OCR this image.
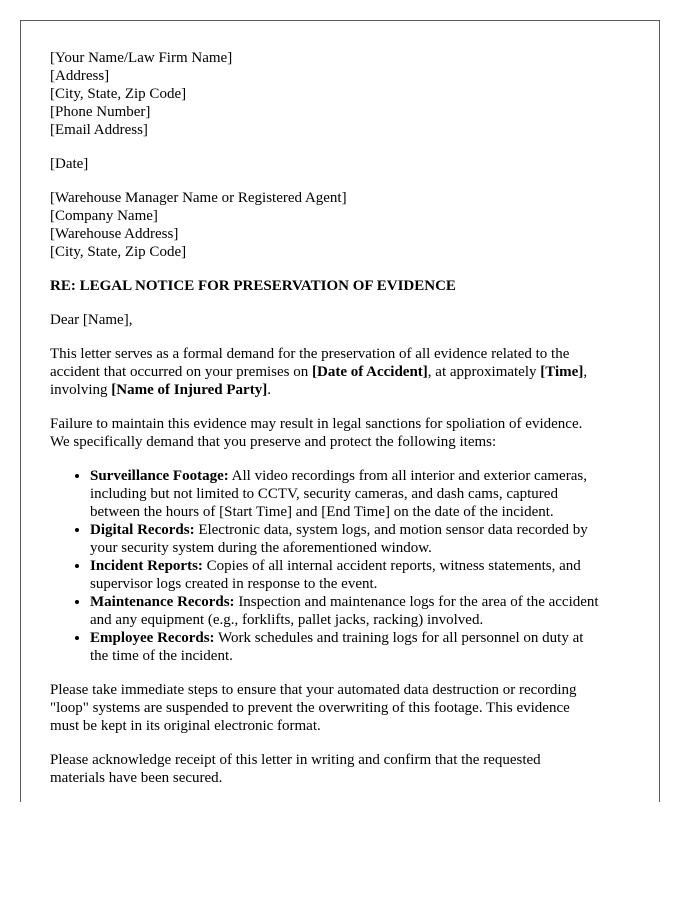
[Your Name/Law Firm Name]
[Address]
[City, State, Zip Code]
[Phone Number]
[Email Address]
[Date]
[Warehouse Manager Name or Registered Agent]
[Company Name]
[Warehouse Address]
[City, State, Zip Code]
RE: LEGAL NOTICE FOR PRESERVATION OF EVIDENCE
Dear [Name],

This letter serves as a formal demand for the preservation of all evidence related to the
accident that occurred on your premises on [Date of Accident], at approximately [Time],
involving [Name of Injured Party].

Failure to maintain this evidence may result in legal sanctions for spoliation of evidence.
We specifically demand that you preserve and protect the following items:

• Surveillance Footage: All video recordings from all interior and exterior cameras,
including but not limited to CCTV, security cameras, and dash cams, captured
between the hours of [Start Time] and [End Time] on the date of the incident.
• Digital Records: Electronic data, system logs, and motion sensor data recorded by
your security system during the aforementioned window.
• Incident Reports: Copies of all internal accident reports, witness statements, and
supervisor logs created in response to the event.
• Maintenance Records: Inspection and maintenance logs for the area of the accident
and any equipment (e.g., forklifts, pallet jacks, racking) involved.
• Employee Records: Work schedules and training logs for all personnel on duty at
the time of the incident.

Please take immediate steps to ensure that your automated data destruction or recording
"loop" systems are suspended to prevent the overwriting of this footage. This evidence
must be kept in its original electronic format.

Please acknowledge receipt of this letter in writing and confirm that the requested
materials have been secured.
